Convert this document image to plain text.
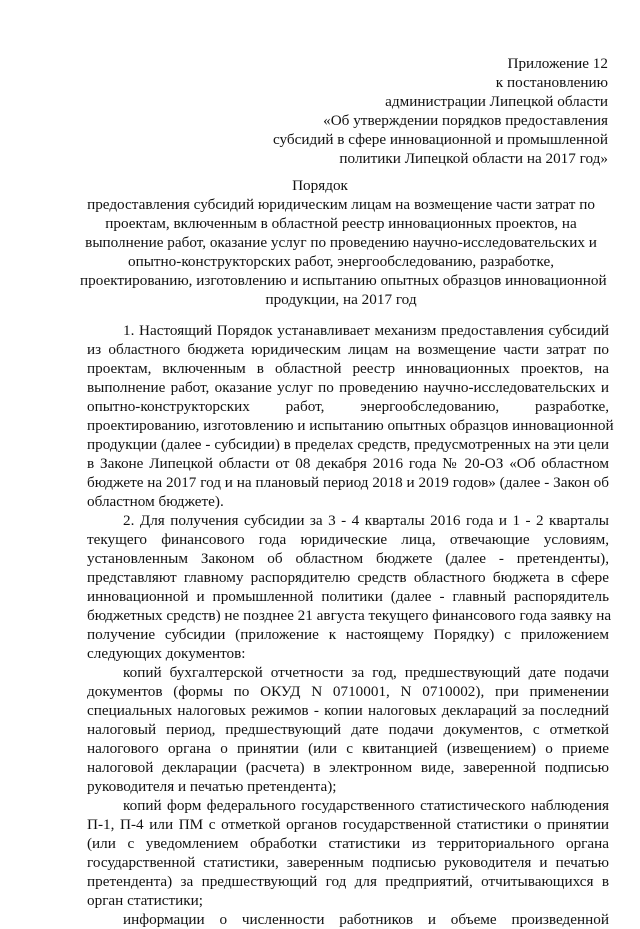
Приложение 12
к постановлению
администрации Липецкой области
«Об утверждении порядков предоставления
субсидий в сфере инновационной и промышленной
политики Липецкой области на 2017 год»
Порядок
предоставления субсидий юридическим лицам на возмещение части затрат по
проектам, включенным в областной реестр инновационных проектов, на
выполнение работ, оказание услуг по проведению научно-исследовательских и
опытно-конструкторских работ, энергообследованию, разработке,
проектированию, изготовлению и испытанию опытных образцов инновационной
продукции, на 2017 год
1. Настоящий Порядок устанавливает механизм предоставления субсидий
из областного бюджета юридическим лицам на возмещение части затрат по
проектам, включенным в областной реестр инновационных проектов, на
выполнение работ, оказание услуг по проведению научно-исследовательских и
опытно-конструкторских работ, энергообследованию, разработке,
проектированию, изготовлению и испытанию опытных образцов инновационной
продукции (далее - субсидии) в пределах средств, предусмотренных на эти цели
в Законе Липецкой области от 08 декабря 2016 года № 20-ОЗ «Об областном
бюджете на 2017 год и на плановый период 2018 и 2019 годов» (далее - Закон об
областном бюджете).
2. Для получения субсидии за 3 - 4 кварталы 2016 года и 1 - 2 кварталы
текущего финансового года юридические лица, отвечающие условиям,
установленным Законом об областном бюджете (далее - претенденты),
представляют главному распорядителю средств областного бюджета в сфере
инновационной и промышленной политики (далее - главный распорядитель
бюджетных средств) не позднее 21 августа текущего финансового года заявку на
получение субсидии (приложение к настоящему Порядку) с приложением
следующих документов:
копий бухгалтерской отчетности за год, предшествующий дате подачи
документов (формы по ОКУД N 0710001, N 0710002), при применении
специальных налоговых режимов - копии налоговых деклараций за последний
налоговый период, предшествующий дате подачи документов, с отметкой
налогового органа о принятии (или с квитанцией (извещением) о приеме
налоговой декларации (расчета) в электронном виде, заверенной подписью
руководителя и печатью претендента);
копий форм федерального государственного статистического наблюдения
П-1, П-4 или ПМ с отметкой органов государственной статистики о принятии
(или с уведомлением обработки статистики из территориального органа
государственной статистики, заверенным подписью руководителя и печатью
претендента) за предшествующий год для предприятий, отчитывающихся в
орган статистики;
информации о численности работников и объеме произведенной
